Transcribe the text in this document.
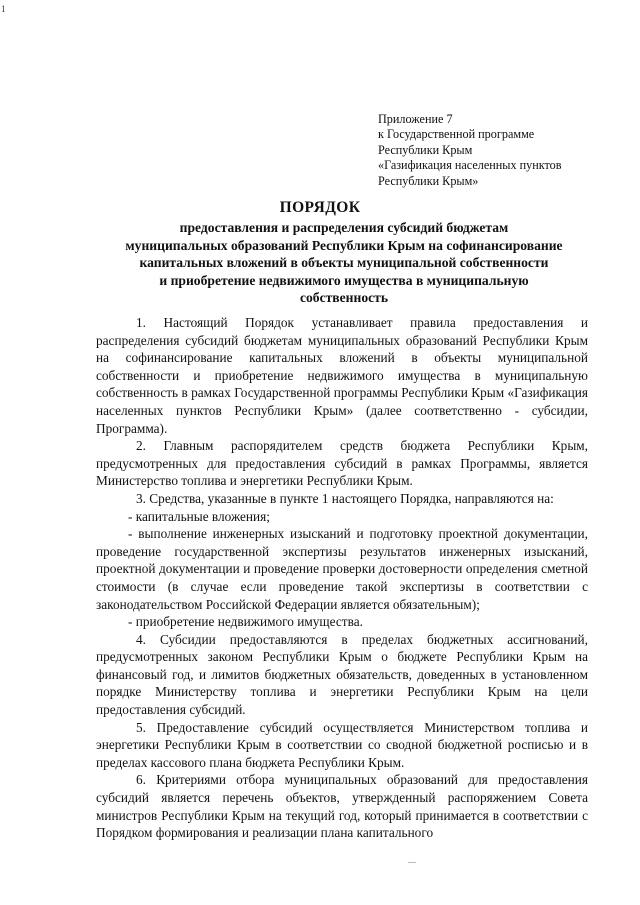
1
Приложение 7
к Государственной программе
Республики Крым
«Газификация населенных пунктов
Республики Крым»
ПОРЯДОК
предоставления и распределения субсидий бюджетам
муниципальных образований Республики Крым на софинансирование
капитальных вложений в объекты муниципальной собственности
и приобретение недвижимого имущества в муниципальную
собственность

1. Настоящий Порядок устанавливает правила предоставления и распределения субсидий бюджетам муниципальных образований Республики Крым на софинансирование капитальных вложений в объекты муниципальной собственности и приобретение недвижимого имущества в муниципальную собственность в рамках Государственной программы Республики Крым «Газификация населенных пунктов Республики Крым» (далее соответственно - субсидии, Программа).

2. Главным распорядителем средств бюджета Республики Крым, предусмотренных для предоставления субсидий в рамках Программы, является Министерство топлива и энергетики Республики Крым.

3. Средства, указанные в пункте 1 настоящего Порядка, направляются на:

- капитальные вложения;

- выполнение инженерных изысканий и подготовку проектной документации, проведение государственной экспертизы результатов инженерных изысканий, проектной документации и проведение проверки достоверности определения сметной стоимости (в случае если проведение такой экспертизы в соответствии с законодательством Российской Федерации является обязательным);

- приобретение недвижимого имущества.

4. Субсидии предоставляются в пределах бюджетных ассигнований, предусмотренных законом Республики Крым о бюджете Республики Крым на финансовый год, и лимитов бюджетных обязательств, доведенных в установленном порядке Министерству топлива и энергетики Республики Крым на цели предоставления субсидий.

5. Предоставление субсидий осуществляется Министерством топлива и энергетики Республики Крым в соответствии со сводной бюджетной росписью и в пределах кассового плана бюджета Республики Крым.

6. Критериями отбора муниципальных образований для предоставления субсидий является перечень объектов, утвержденный распоряжением Совета министров Республики Крым на текущий год, который принимается в соответствии с Порядком формирования и реализации плана капитального
